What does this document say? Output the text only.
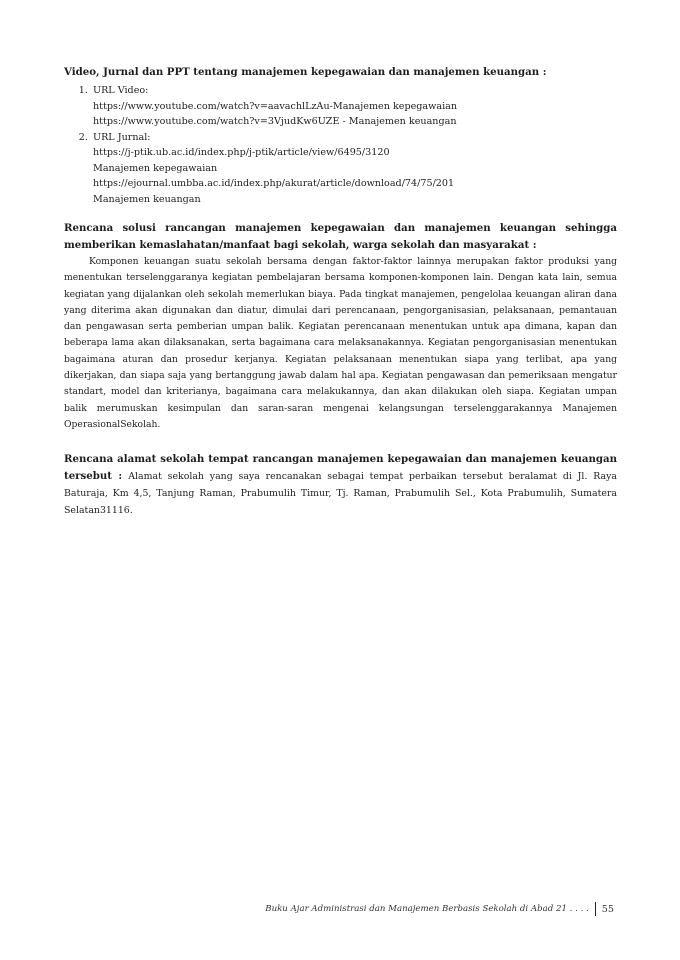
Video, Jurnal dan PPT tentang manajemen kepegawaian dan manajemen keuangan :

1. URL Video:
https://www.youtube.com/watch?v=aavachlLzAu-Manajemen kepegawaian
https://www.youtube.com/watch?v=3VjudKw6UZE - Manajemen keuangan
2. URL Jurnal:
https://j-ptik.ub.ac.id/index.php/j-ptik/article/view/6495/3120
Manajemen kepegawaian
https://ejournal.umbba.ac.id/index.php/akurat/article/download/74/75/201
Manajemen keuangan

Rencana solusi rancangan manajemen kepegawaian dan manajemen keuangan sehingga memberikan kemaslahatan/manfaat bagi sekolah, warga sekolah dan masyarakat :

Komponen keuangan suatu sekolah bersama dengan faktor-faktor lainnya merupakan faktor produksi yang menentukan terselenggaranya kegiatan pembelajaran bersama komponen-komponen lain. Dengan kata lain, semua kegiatan yang dijalankan oleh sekolah memerlukan biaya. Pada tingkat manajemen, pengelolaa keuangan aliran dana yang diterima akan digunakan dan diatur, dimulai dari perencanaan, pengorganisasian, pelaksanaan, pemantauan dan pengawasan serta pemberian umpan balik. Kegiatan perencanaan menentukan untuk apa dimana, kapan dan beberapa lama akan dilaksanakan, serta bagaimana cara melaksanakannya. Kegiatan pengorganisasian menentukan bagaimana aturan dan prosedur kerjanya. Kegiatan pelaksanaan menentukan siapa yang terlibat, apa yang dikerjakan, dan siapa saja yang bertanggung jawab dalam hal apa. Kegiatan pengawasan dan pemeriksaan mengatur standart, model dan kriterianya, bagaimana cara melakukannya, dan akan dilakukan oleh siapa. Kegiatan umpan balik merumuskan kesimpulan dan saran-saran mengenai kelangsungan terselenggarakannya Manajemen OperasionalSekolah.

Rencana alamat sekolah tempat rancangan manajemen kepegawaian dan manajemen keuangan tersebut : Alamat sekolah yang saya rencanakan sebagai tempat perbaikan tersebut beralamat di Jl. Raya Baturaja, Km 4,5, Tanjung Raman, Prabumulih Timur, Tj. Raman, Prabumulih Sel., Kota Prabumulih, Sumatera Selatan31116.

Buku Ajar Administrasi dan Manajemen Berbasis Sekolah di Abad 21 . . . . 55
